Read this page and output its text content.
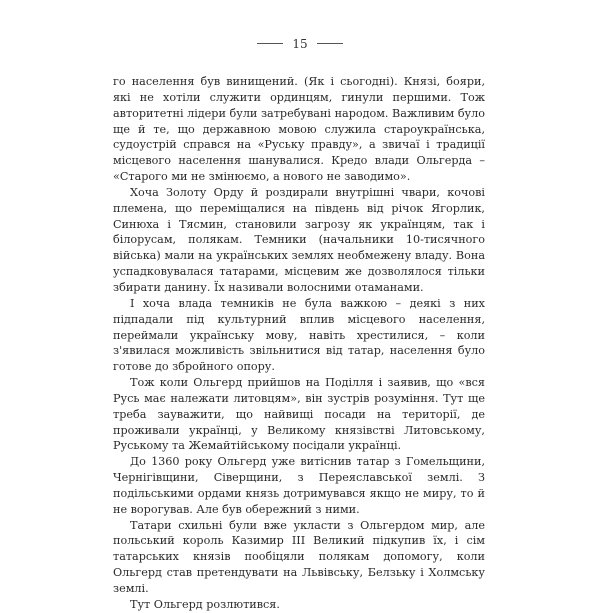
15

го населення був винищений. (Як і сьогодні). Князі, бояри, які не хотіли служити ординцям, гинули першими. Тож авторитетні лідери були затребувані народом. Важливим було ще й те, що державною мовою служила староукраїнська, судоустрій справся на «Руську правду», а звичаї і традиції місцевого населення шанувалися. Кредо влади Ольгерда – «Старого ми не змінюємо, а нового не заводимо».

Хоча Золоту Орду й роздирали внутрішні чвари, кочові племена, що переміщалися на південь від річок Ягорлик, Синюха і Тясмин, становили загрозу як українцям, так і білорусам, полякам. Темники (начальники 10-тисячного війська) мали на українських землях необмежену владу. Вона успадковувалася татарами, місцевим же дозволялося тільки збирати данину. Їх називали волосними отаманами.

І хоча влада темників не була важкою – деякі з них підпадали під культурний вплив місцевого населення, переймали українську мову, навіть хрестилися, – коли з'явилася можливість звільнитися від татар, населення було готове до збройного опору.

Тож коли Ольгерд прийшов на Поділля і заявив, що «вся Русь має належати литовцям», він зустрів розуміння. Тут ще треба зауважити, що найвищі посади на території, де проживали українці, у Великому князівстві Литовському, Руському та Жемайтійському посідали українці.

До 1360 року Ольгерд уже витіснив татар з Гомельщини, Чернігівщини, Сіверщини, з Переяславської землі. З подільськими ордами князь дотримувався якщо не миру, то й не ворогував. Але був обережний з ними.

Татари схильні були вже укласти з Ольгердом мир, але польський король Казимир ІІІ Великий підкупив їх, і сім татарських князів пообіцяли полякам допомогу, коли Ольгерд став претендувати на Львівську, Белзьку і Холмську землі.

Тут Ольгерд розлютився.
